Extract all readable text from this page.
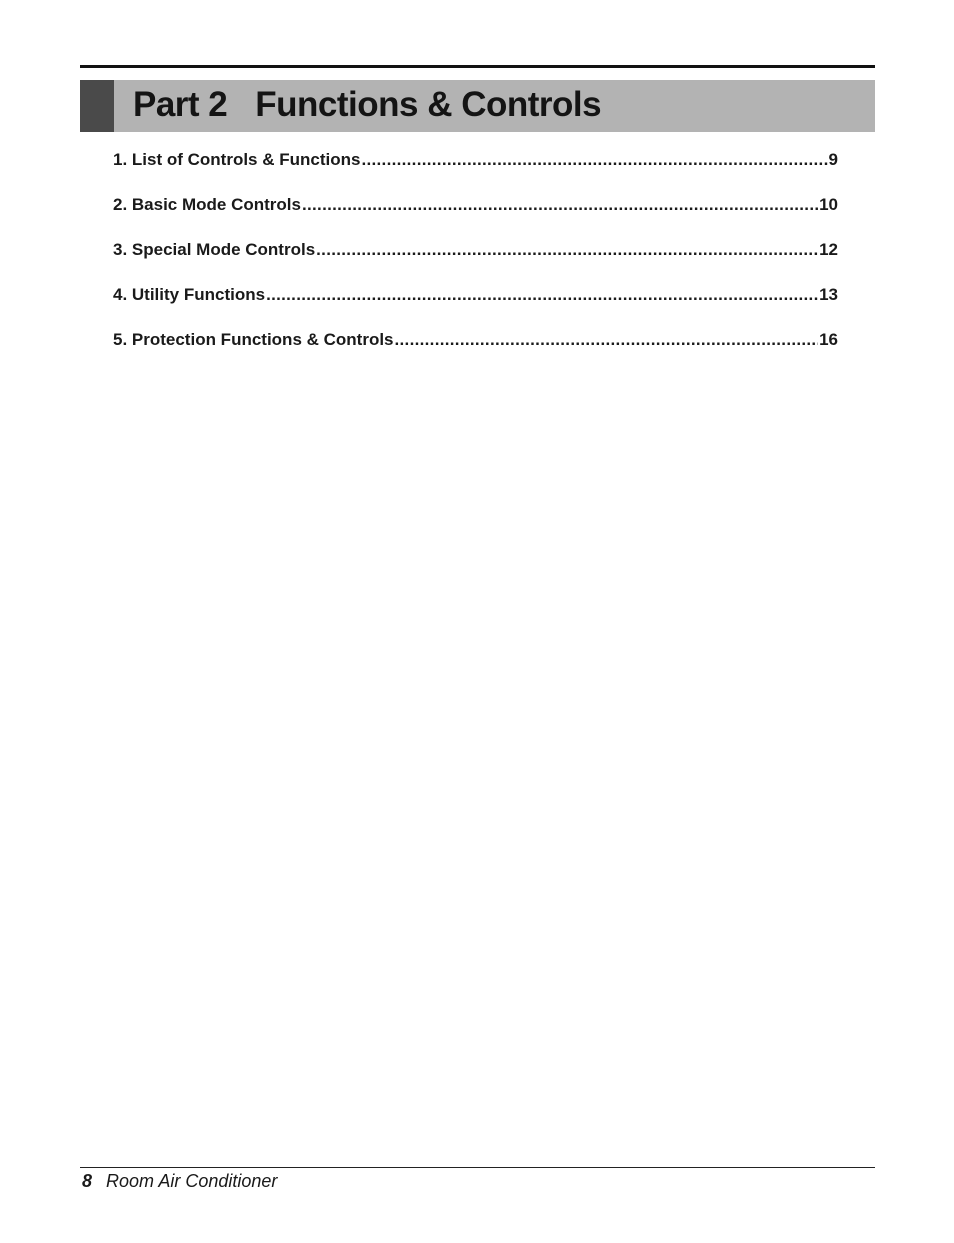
Part 2 Functions & Controls
1. List of Controls & Functions .....	9
2. Basic Mode Controls .....	10
3. Special Mode Controls .....	12
4. Utility Functions .....	13
5. Protection Functions & Controls .....	16
8 Room Air Conditioner
